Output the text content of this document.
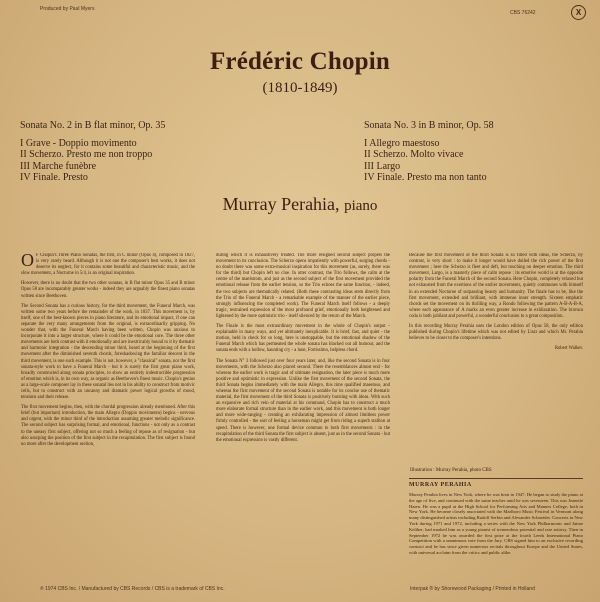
Produced by Paul Myers
CBS 76242	X
Frédéric Chopin
(1810-1849)
Sonata No. 2 in B flat minor, Op. 35
I Grave - Doppio movimento
II Scherzo. Presto me non troppo
III Marche funèbre
IV Finale. Presto
Sonata No. 3 in B minor, Op. 58
I Allegro maestoso
II Scherzo. Molto vivace
III Largo
IV Finale. Presto ma non tanto
Murray Perahia, piano

O F Chopin's Three Piano Sonatas, the first, in C minor (Opus 4), composed in 1827, is very rarely heard. Although it is not one the composer's best works, it does not deserve its neglect, for it contains some beautiful and characteristic music, and the slow movement, a Nocturne in 5/4, is an original inspiration.

However, there is no doubt that the two other sonatas, in B flat minor Opus 35 and B minor Opus 58 are incomparably greater works - indeed they are arguably the finest piano sonatas written since Beethoven.

The Second Sonata has a curious history, for the third movement, the Funeral March, was written some two years before the remainder of the work, in 1837. This movement is, by itself, one of the best-known pieces in piano literature, and its emotional impact, if one can separate the very many arrangements from the original, is extraordinarily gripping. No wonder that, with the Funeral March having been written, Chopin was anxious to incorporate it into a larger structure, where it could be the emotional core. The three other movements are both contrast with it emotionally and are inextricably bound to it by thematic and harmonic integration - the descending minor third, heard at the beginning of the first movement after the diminished seventh chords, foreshadowing the familiar descent in the third movement, is one such example. This is not, however, a "classical" sonata, nor the first sonata-style work to have a Funeral March - but it is surely the first great piano work, broadly constructed along sonata principles, to show an entirely indestructible progression of emotion which is, in its own way, as organic as Beethoven's finest music. Chopin's genius as a large-scale composer lay in these sonatal lies not in his ability to construct from motivic cells, but to construct with an uncanny and dramatic power logical growths of mood, tensions and their release.

The first movement begins, then, with the chordal progression already mentioned. After this brief (but important) introduction, the main Allegro (Doppio movimento) begins - nervous and urgent, with the minor third of the introduction assuming greater melodic significance. The second subject has surprising formal, and emotional, functions - not only as a contrast to the uneasy first subject, offering not so much a feeling of repose as of resignation - but also usurping the position of the first subject in the recapitulation. The first subject is found no more after the development section,

during which it is exhaustively treated. The more resigned second subject propels the movement to its conclusion. The Scherzo opens impatiently with powerful, surging chords - no doubt there was some extra-musical inspiration for this movement (as, surely, there was for the third) but Chopin left no clue. In utter contrast, the Trio follows, the calm at the centre of the maelstrom, and just as the second subject of the first movement provided the emotional release from the earlier tension, so the Trio echoes the same function, - indeed, the two subjects are thematically related. (Both these contrasting ideas stem directly from the Trio of the Funeral March - a remarkable example of the manner of the earlier piece, strongly influencing the completed work). The Funeral March itself follows - a deeply tragic, restrained expression of the most profound grief, emotionally both heightened and lightened by the more optimistic trio - itself silenced by the return of the March.

The Finale is the most extraordinary movement in the whole of Chopin's output - explainable in many ways, and yet ultimately inexplicable. It is brief, fast, and quiet - the motion, held in check for so long, here is unstoppable, but the emotional shadow of the Funeral March which has permeated the whole sonata has blacked out all humour, and the sonata ends with a hollow, haunting cry - a lone, Fortissimo, helpless chord.

The Sonata N° 3 followed just over four years later, and, like the second Sonata is in four movements, with the Scherzo also placed second. There the resemblances almost end - for whereas the earlier work is tragic and of ultimate resignation, the later piece is much more positive and optimistic in expression. Unlike the first movement of the second Sonata, the third Sonata begins immediately with the main Allegro, this time qualified maestoso, and whereas the first movement of the second Sonata is notable for its concise use of thematic material, the first movement of the third Sonata is positively bursting with ideas. With such an expansive and rich vein of material at his command, Chopin has to construct a much more elaborate formal structure than in the earlier work, and this movement is both longer and more wide-ranging - creating an exhilarating impression of almost limitless power firmly controlled - the sort of feeling a horseman might get from riding a superb stallion at speed. There is however, one formal device common to both first movements : in the recapitulation of the third Sonata the first subject is absent, just as in the second Sonata - but the emotional expression is vastly different.

Because the first movement of the third Sonata is so filled with ideas, the Scherzo, by contrast, is very short : to make it longer would have dulled the rich power of the first movement ; here the Scherzo is fleet and deft, but touching on deeper emotion. The third movement, Largo, is a masterly piece of calm repose : its emotive world is at the opposite polarity from the Funeral March of the second Sonata. Here Chopin, completely relaxed but not exhausted from the exertions of the earlier movements, quietly communes with himself in an extended Nocturne of surpassing beauty and humanity. The finale has to be, like the first movement, extended and brilliant, with immense inner strength. Sixteen emphatic chords set the movement on its thrilling way, a Rondo following the pattern A-B-A-B-A, where each appearance of A marks an even greater increase in exhilaration. The bravura coda is both jubilant and powerful, a wonderful conclusion to a great composition.

In this recording Murray Perahia uses the London edition of Opus 58, the only edition published during Chopin's lifetime which was not edited by Liszt and which Mr. Perahia believes to be closer to the composer's intentions.

Robert Walker.

Illustration : Murray Perahia, photo CBS
MURRAY PERAHIA
Murray Perahia lives in New York, where he was born in 1947. He began to study the piano at the age of five, and continued with the same teacher until he was seventeen. This was Jeanette Haien. He was a pupil at the High School for Performing Arts and Mannes College, both in New York. He became closely associated with the Marlboro Music Festival in Vermont along many distinguished artists including Rudolf Serkin and Alexander Schneider. Concerts in New York during 1971 and 1972, including a series with the New York Philharmonic and Jaime Keliher, had marked him as a young pianist of tremendous potential and rare artistry. Then in September 1972 he was awarded the first prize at the fourth Leeds International Piano Competition with a unanimous vote from the Jury. CBS signed him to an exclusive recording contract and he has since given numerous recitals throughout Europe and the United States, with universal acclaim from the critics and public alike.
℗ 1974 CBS Inc. / Manufactured by CBS Records / CBS is a trademark of CBS Inc.	Interpak ® by Shorewood Packaging / Printed in Holland
